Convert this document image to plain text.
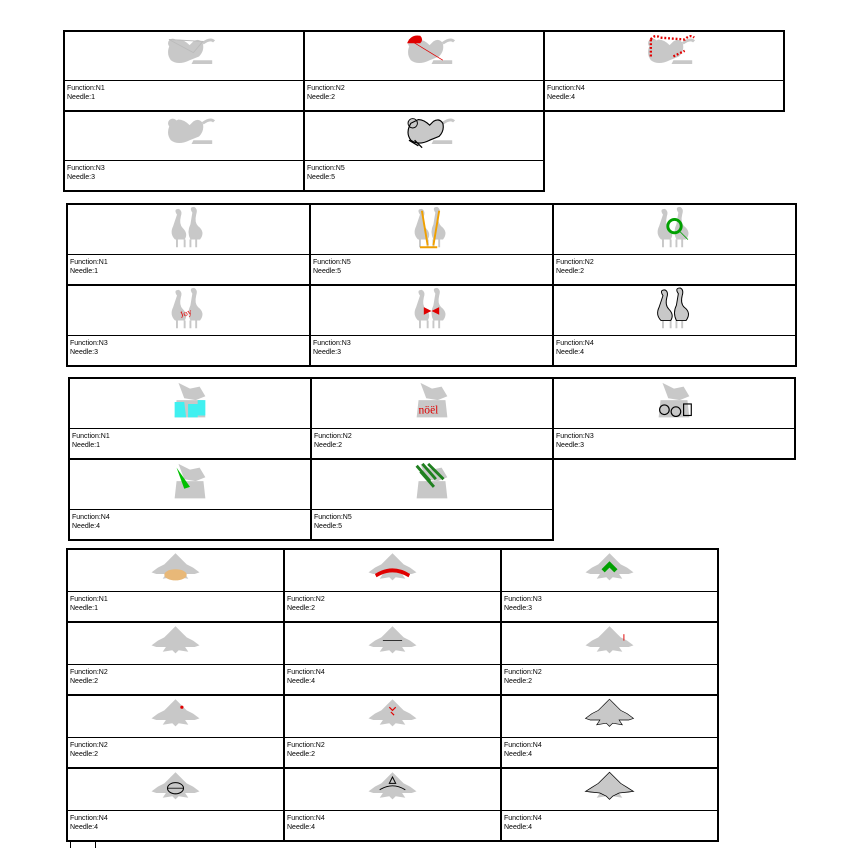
Function:N1
Needle:1
Function:N2
Needle:2
Function:N4
Needle:4
Function:N3
Needle:3
Function:N5
Needle:5
Function:N1
Needle:1
Function:N5
Needle:5
Function:N2
Needle:2
Joy
Function:N3
Needle:3
Function:N3
Needle:3
Function:N4
Needle:4
Function:N1
Needle:1
nöël
Function:N2
Needle:2
Function:N3
Needle:3
Function:N4
Needle:4
Function:N5
Needle:5
Function:N1
Needle:1
Function:N2
Needle:2
Function:N3
Needle:3
Function:N2
Needle:2
Function:N4
Needle:4
Function:N2
Needle:2
Function:N2
Needle:2
Function:N2
Needle:2
Function:N4
Needle:4
Function:N4
Needle:4
Function:N4
Needle:4
Function:N4
Needle:4
